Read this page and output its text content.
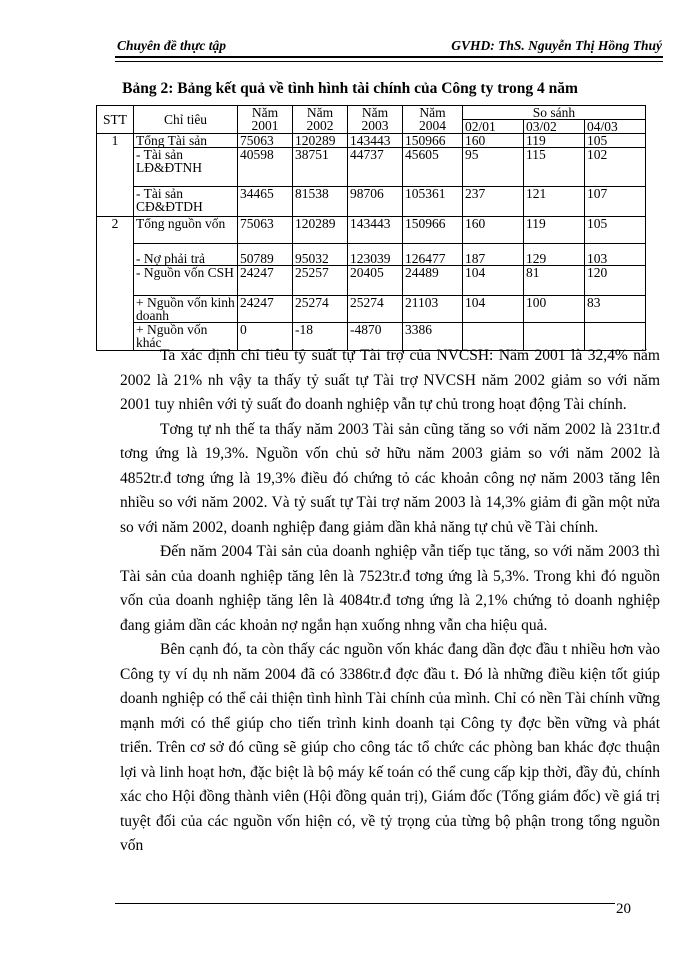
Chuyên đề thực tập	GVHD: ThS. Nguyễn Thị Hồng Thuý
Bảng 2: Bảng kết quả về tình hình tài chính của Công ty trong 4 năm
STT	Chỉ tiêu	Năm 2001	Năm 2002	Năm 2003	Năm 2004	So sánh		
						02/01	03/02	04/03
1	Tổng Tài sản	75063	120289	143443	150966	160	119	105
	- Tài sản LĐ&ĐTNH	40598	38751	44737	45605	95	115	102
	- Tài sản CĐ&ĐTDH	34465	81538	98706	105361	237	121	107
2	Tổng nguồn vốn	75063	120289	143443	150966	160	119	105
	- Nợ phải trả	50789	95032	123039	126477	187	129	103
	- Nguồn vốn CSH	24247	25257	20405	24489	104	81	120
	+ Nguồn vốn kinh doanh	24247	25274	25274	21103	104	100	83
	+ Nguồn vốn khác	0	-18	-4870	3386			

Ta xác định chỉ tiêu tỷ suất tự Tài trợ của NVCSH: Năm 2001 là 32,4% năm 2002 là 21% nh vậy ta thấy tỷ suất tự Tài trợ NVCSH năm 2002 giảm so với năm 2001 tuy nhiên với tỷ suất đo doanh nghiệp vẫn tự chủ trong hoạt động Tài chính.

Tơng tự nh thế ta thấy năm 2003 Tài sản cũng tăng so với năm 2002 là 231tr.đ tơng ứng là 19,3%. Nguồn vốn chủ sở hữu năm 2003 giảm so với năm 2002 là 4852tr.đ tơng ứng là 19,3% điều đó chứng tỏ các khoản công nợ năm 2003 tăng lên nhiều so với năm 2002. Và tỷ suất tự Tài trợ năm 2003 là 14,3% giảm đi gần một nửa so với năm 2002, doanh nghiệp đang giảm dần khả năng tự chủ về Tài chính.

Đến năm 2004 Tài sản của doanh nghiệp vẫn tiếp tục tăng, so với năm 2003 thì Tài sản của doanh nghiệp tăng lên là 7523tr.đ tơng ứng là 5,3%. Trong khi đó nguồn vốn của doanh nghiệp tăng lên là 4084tr.đ tơng ứng là 2,1% chứng tỏ doanh nghiệp đang giảm dần các khoản nợ ngắn hạn xuống nhng vẫn cha hiệu quả.

Bên cạnh đó, ta còn thấy các nguồn vốn khác đang dần đợc đầu t nhiều hơn vào Công ty ví dụ nh năm 2004 đã có 3386tr.đ đợc đầu t. Đó là những điều kiện tốt giúp doanh nghiệp có thể cải thiện tình hình Tài chính của mình. Chỉ có nền Tài chính vững mạnh mới có thể giúp cho tiến trình kinh doanh tại Công ty đợc bền vững và phát triển. Trên cơ sở đó cũng sẽ giúp cho công tác tổ chức các phòng ban khác đợc thuận lợi và linh hoạt hơn, đặc biệt là bộ máy kế toán có thể cung cấp kịp thời, đầy đủ, chính xác cho Hội đồng thành viên (Hội đồng quản trị), Giám đốc (Tổng giám đốc) về giá trị tuyệt đối của các nguồn vốn hiện có, về tỷ trọng của từng bộ phận trong tổng nguồn vốn

20
